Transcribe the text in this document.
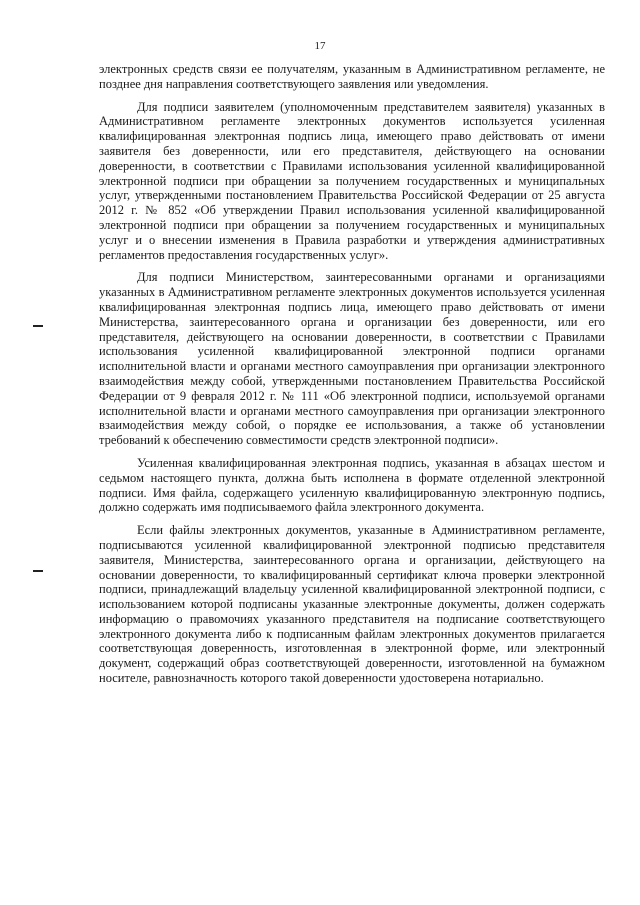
17

электронных средств связи ее получателям, указанным в Административном регламенте, не позднее дня направления соответствующего заявления или уведомления.

Для подписи заявителем (уполномоченным представителем заявителя) указанных в Административном регламенте электронных документов используется усиленная квалифицированная электронная подпись лица, имеющего право действовать от имени заявителя без доверенности, или его представителя, действующего на основании доверенности, в соответствии с Правилами использования усиленной квалифицированной электронной подписи при обращении за получением государственных и муниципальных услуг, утвержденными постановлением Правительства Российской Федерации от 25 августа 2012 г. № 852 «Об утверждении Правил использования усиленной квалифицированной электронной подписи при обращении за получением государственных и муниципальных услуг и о внесении изменения в Правила разработки и утверждения административных регламентов предоставления государственных услуг».

Для подписи Министерством, заинтересованными органами и организациями указанных в Административном регламенте электронных документов используется усиленная квалифицированная электронная подпись лица, имеющего право действовать от имени Министерства, заинтересованного органа и организации без доверенности, или его представителя, действующего на основании доверенности, в соответствии с Правилами использования усиленной квалифицированной электронной подписи органами исполнительной власти и органами местного самоуправления при организации электронного взаимодействия между собой, утвержденными постановлением Правительства Российской Федерации от 9 февраля 2012 г. № 111 «Об электронной подписи, используемой органами исполнительной власти и органами местного самоуправления при организации электронного взаимодействия между собой, о порядке ее использования, а также об установлении требований к обеспечению совместимости средств электронной подписи».

Усиленная квалифицированная электронная подпись, указанная в абзацах шестом и седьмом настоящего пункта, должна быть исполнена в формате отделенной электронной подписи. Имя файла, содержащего усиленную квалифицированную электронную подпись, должно содержать имя подписываемого файла электронного документа.

Если файлы электронных документов, указанные в Административном регламенте, подписываются усиленной квалифицированной электронной подписью представителя заявителя, Министерства, заинтересованного органа и организации, действующего на основании доверенности, то квалифицированный сертификат ключа проверки электронной подписи, принадлежащий владельцу усиленной квалифицированной электронной подписи, с использованием которой подписаны указанные электронные документы, должен содержать информацию о правомочиях указанного представителя на подписание соответствующего электронного документа либо к подписанным файлам электронных документов прилагается соответствующая доверенность, изготовленная в электронной форме, или электронный документ, содержащий образ соответствующей доверенности, изготовленной на бумажном носителе, равнозначность которого такой доверенности удостоверена нотариально.
